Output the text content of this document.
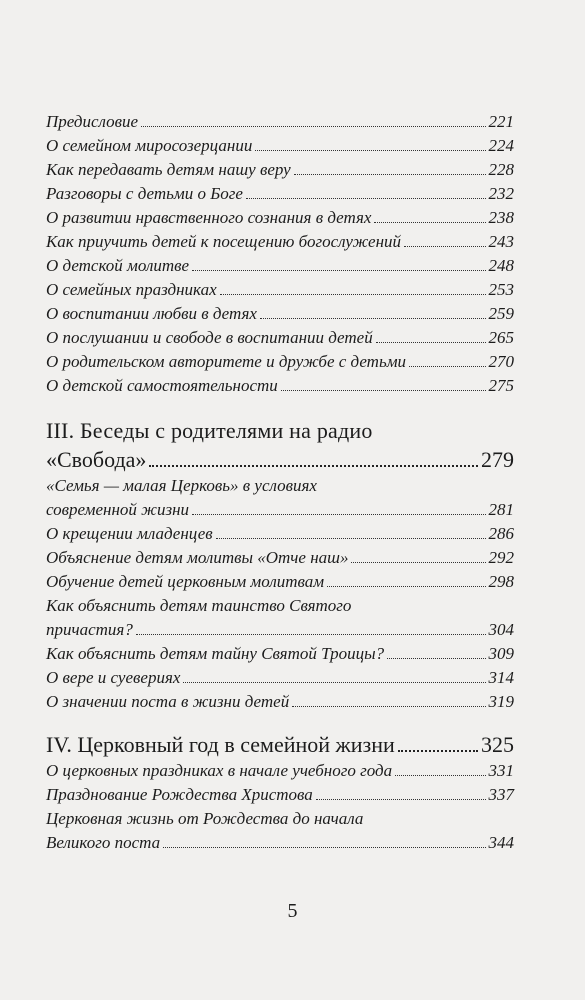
Предисловие	221
О семейном миросозерцании	224
Как передавать детям нашу веру	228
Разговоры с детьми о Боге	232
О развитии нравственного сознания в детях	238
Как приучить детей к посещению богослужений	243
О детской молитве	248
О семейных праздниках	253
О воспитании любви в детях	259
О послушании и свободе в воспитании детей	265
О родительском авторитете и дружбе с детьми	270
О детской самостоятельности	275
III. Беседы с родителями на радио
«Свобода»	279
«Семья — малая Церковь» в условиях
современной жизни	281
О крещении младенцев	286
Объяснение детям молитвы «Отче наш»	292
Обучение детей церковным молитвам	298
Как объяснить детям таинство Святого
причастия?	304
Как объяснить детям тайну Святой Троицы?	309
О вере и суевериях	314
О значении поста в жизни детей	319
IV. Церковный год в семейной жизни	325
О церковных праздниках в начале учебного года	331
Празднование Рождества Христова	337
Церковная жизнь от Рождества до начала
Великого поста	344
5
